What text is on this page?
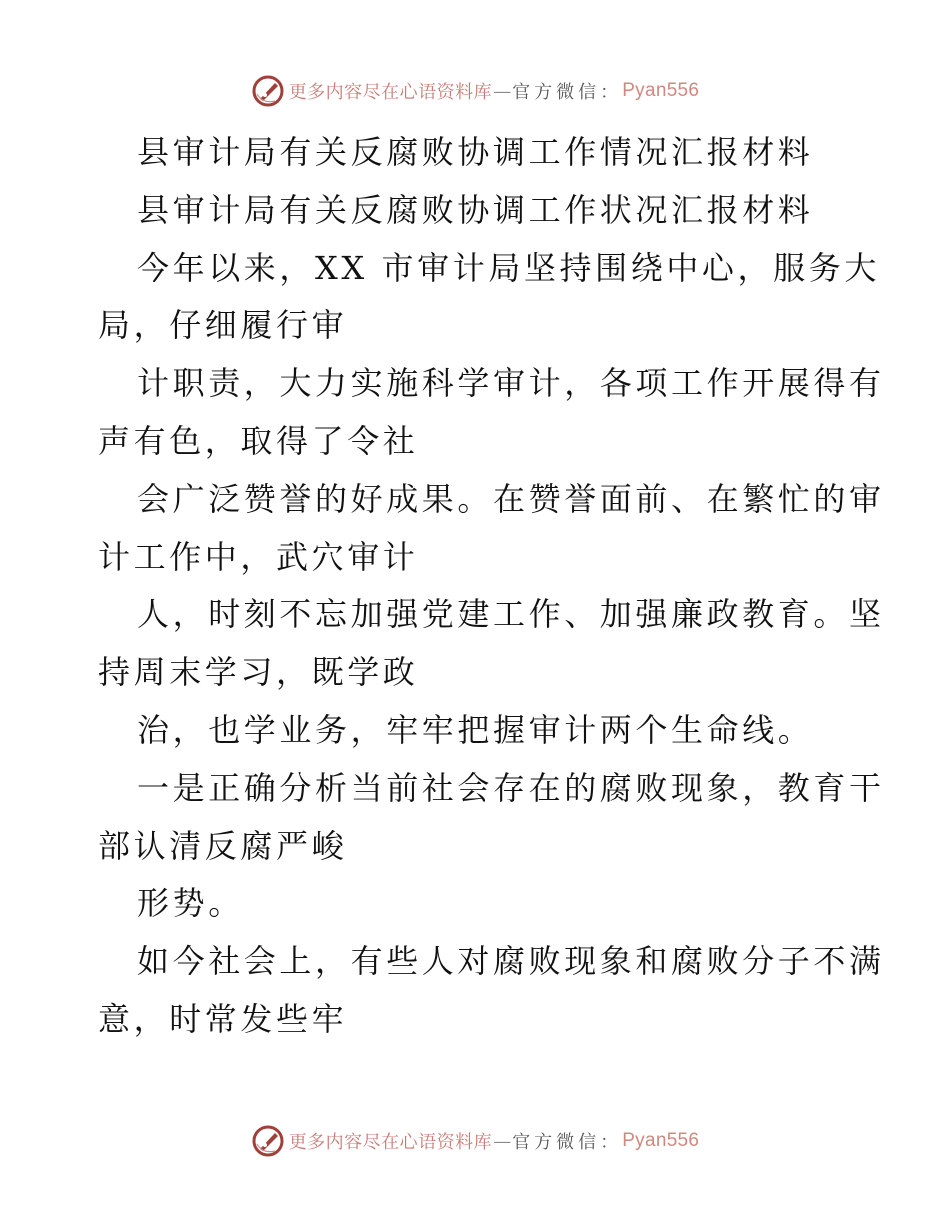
更多内容尽在心语资料库 — 官方微信： Pyan556
县审计局有关反腐败协调工作情况汇报材料
县审计局有关反腐败协调工作状况汇报材料
今年以来，XX 市审计局坚持围绕中心，服务大
局，仔细履行审
计职责，大力实施科学审计，各项工作开展得有
声有色，取得了令社
会广泛赞誉的好成果。在赞誉面前、在繁忙的审
计工作中，武穴审计
人，时刻不忘加强党建工作、加强廉政教育。坚
持周末学习，既学政
治，也学业务，牢牢把握审计两个生命线。
一是正确分析当前社会存在的腐败现象，教育干
部认清反腐严峻
形势。
如今社会上，有些人对腐败现象和腐败分子不满
意，时常发些牢
更多内容尽在心语资料库 — 官方微信： Pyan556
